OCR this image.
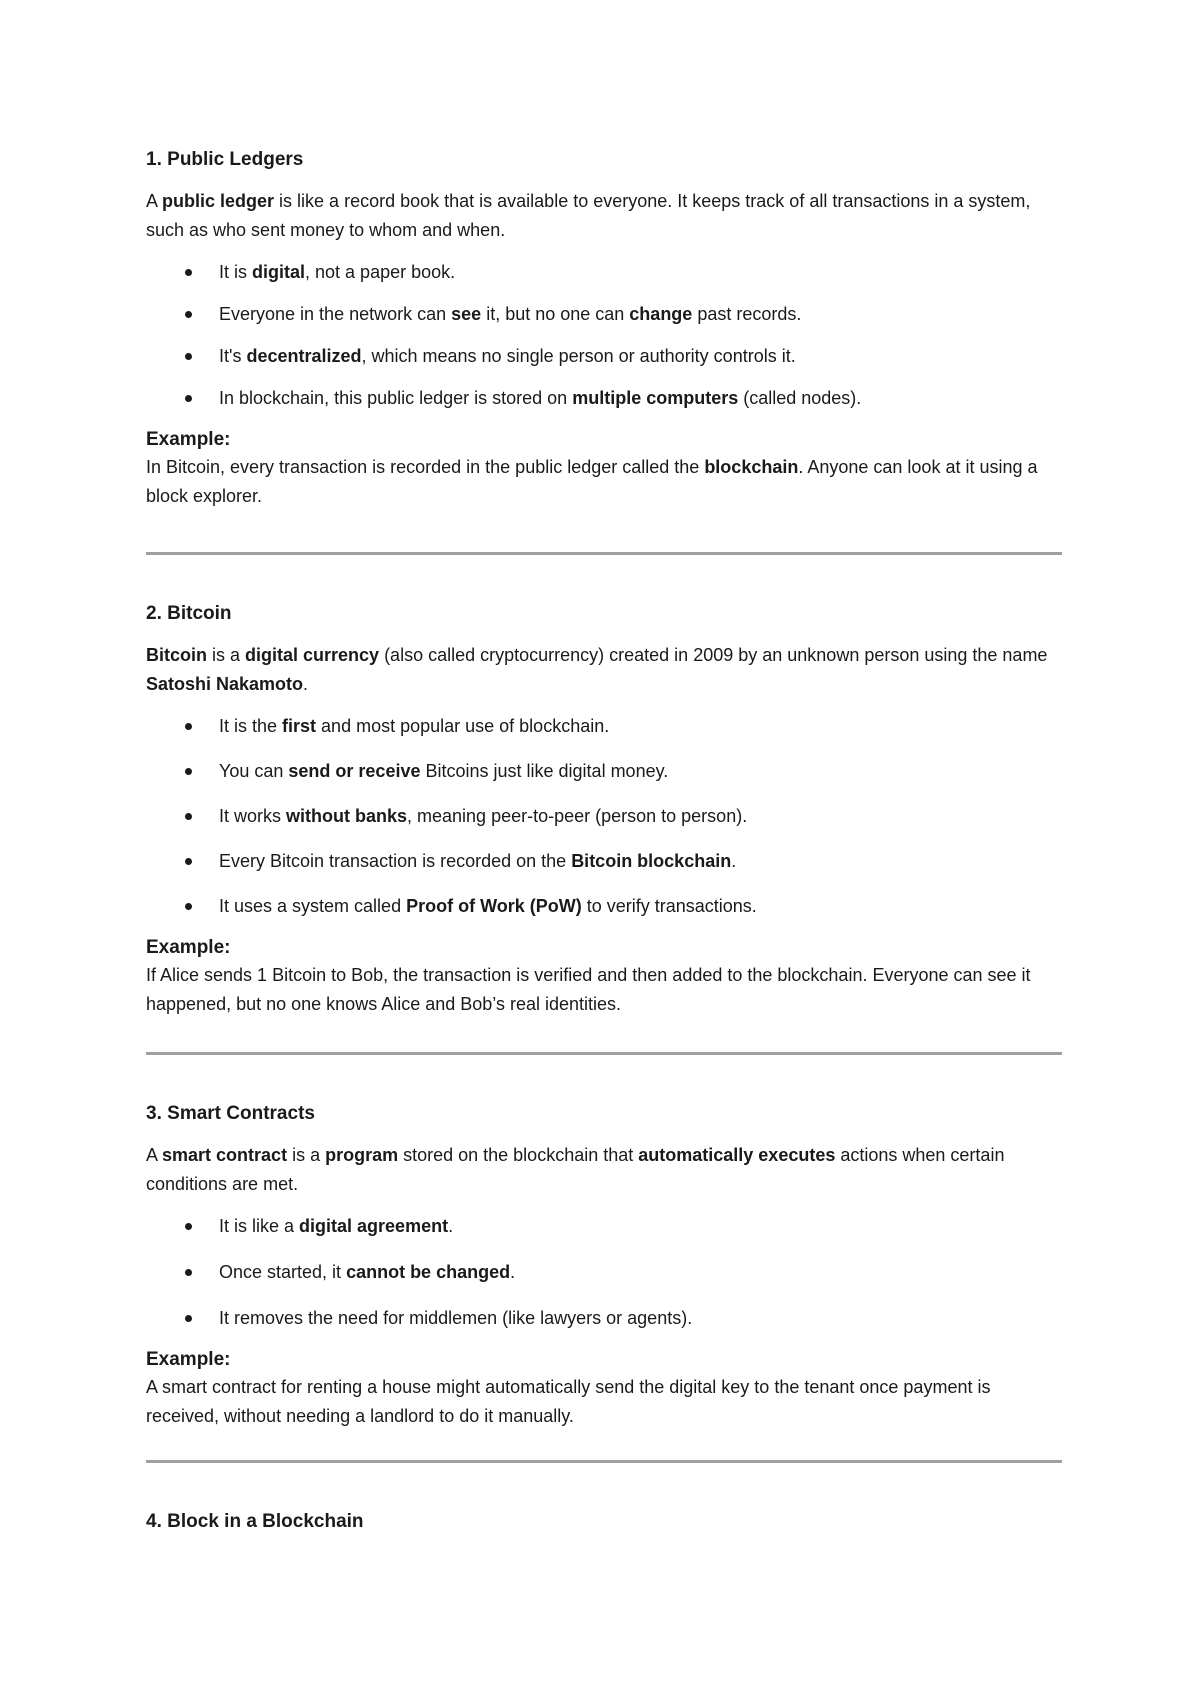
1. Public Ledgers

A public ledger is like a record book that is available to everyone. It keeps track of all transactions in a system, such as who sent money to whom and when.

It is digital, not a paper book.
Everyone in the network can see it, but no one can change past records.
It's decentralized, which means no single person or authority controls it.
In blockchain, this public ledger is stored on multiple computers (called nodes).

Example:

In Bitcoin, every transaction is recorded in the public ledger called the blockchain. Anyone can look at it using a block explorer.

2. Bitcoin

Bitcoin is a digital currency (also called cryptocurrency) created in 2009 by an unknown person using the name Satoshi Nakamoto.

It is the first and most popular use of blockchain.
You can send or receive Bitcoins just like digital money.
It works without banks, meaning peer-to-peer (person to person).
Every Bitcoin transaction is recorded on the Bitcoin blockchain.
It uses a system called Proof of Work (PoW) to verify transactions.

Example:

If Alice sends 1 Bitcoin to Bob, the transaction is verified and then added to the blockchain. Everyone can see it happened, but no one knows Alice and Bob’s real identities.

3. Smart Contracts

A smart contract is a program stored on the blockchain that automatically executes actions when certain conditions are met.

It is like a digital agreement.
Once started, it cannot be changed.
It removes the need for middlemen (like lawyers or agents).

Example:

A smart contract for renting a house might automatically send the digital key to the tenant once payment is received, without needing a landlord to do it manually.

4. Block in a Blockchain
